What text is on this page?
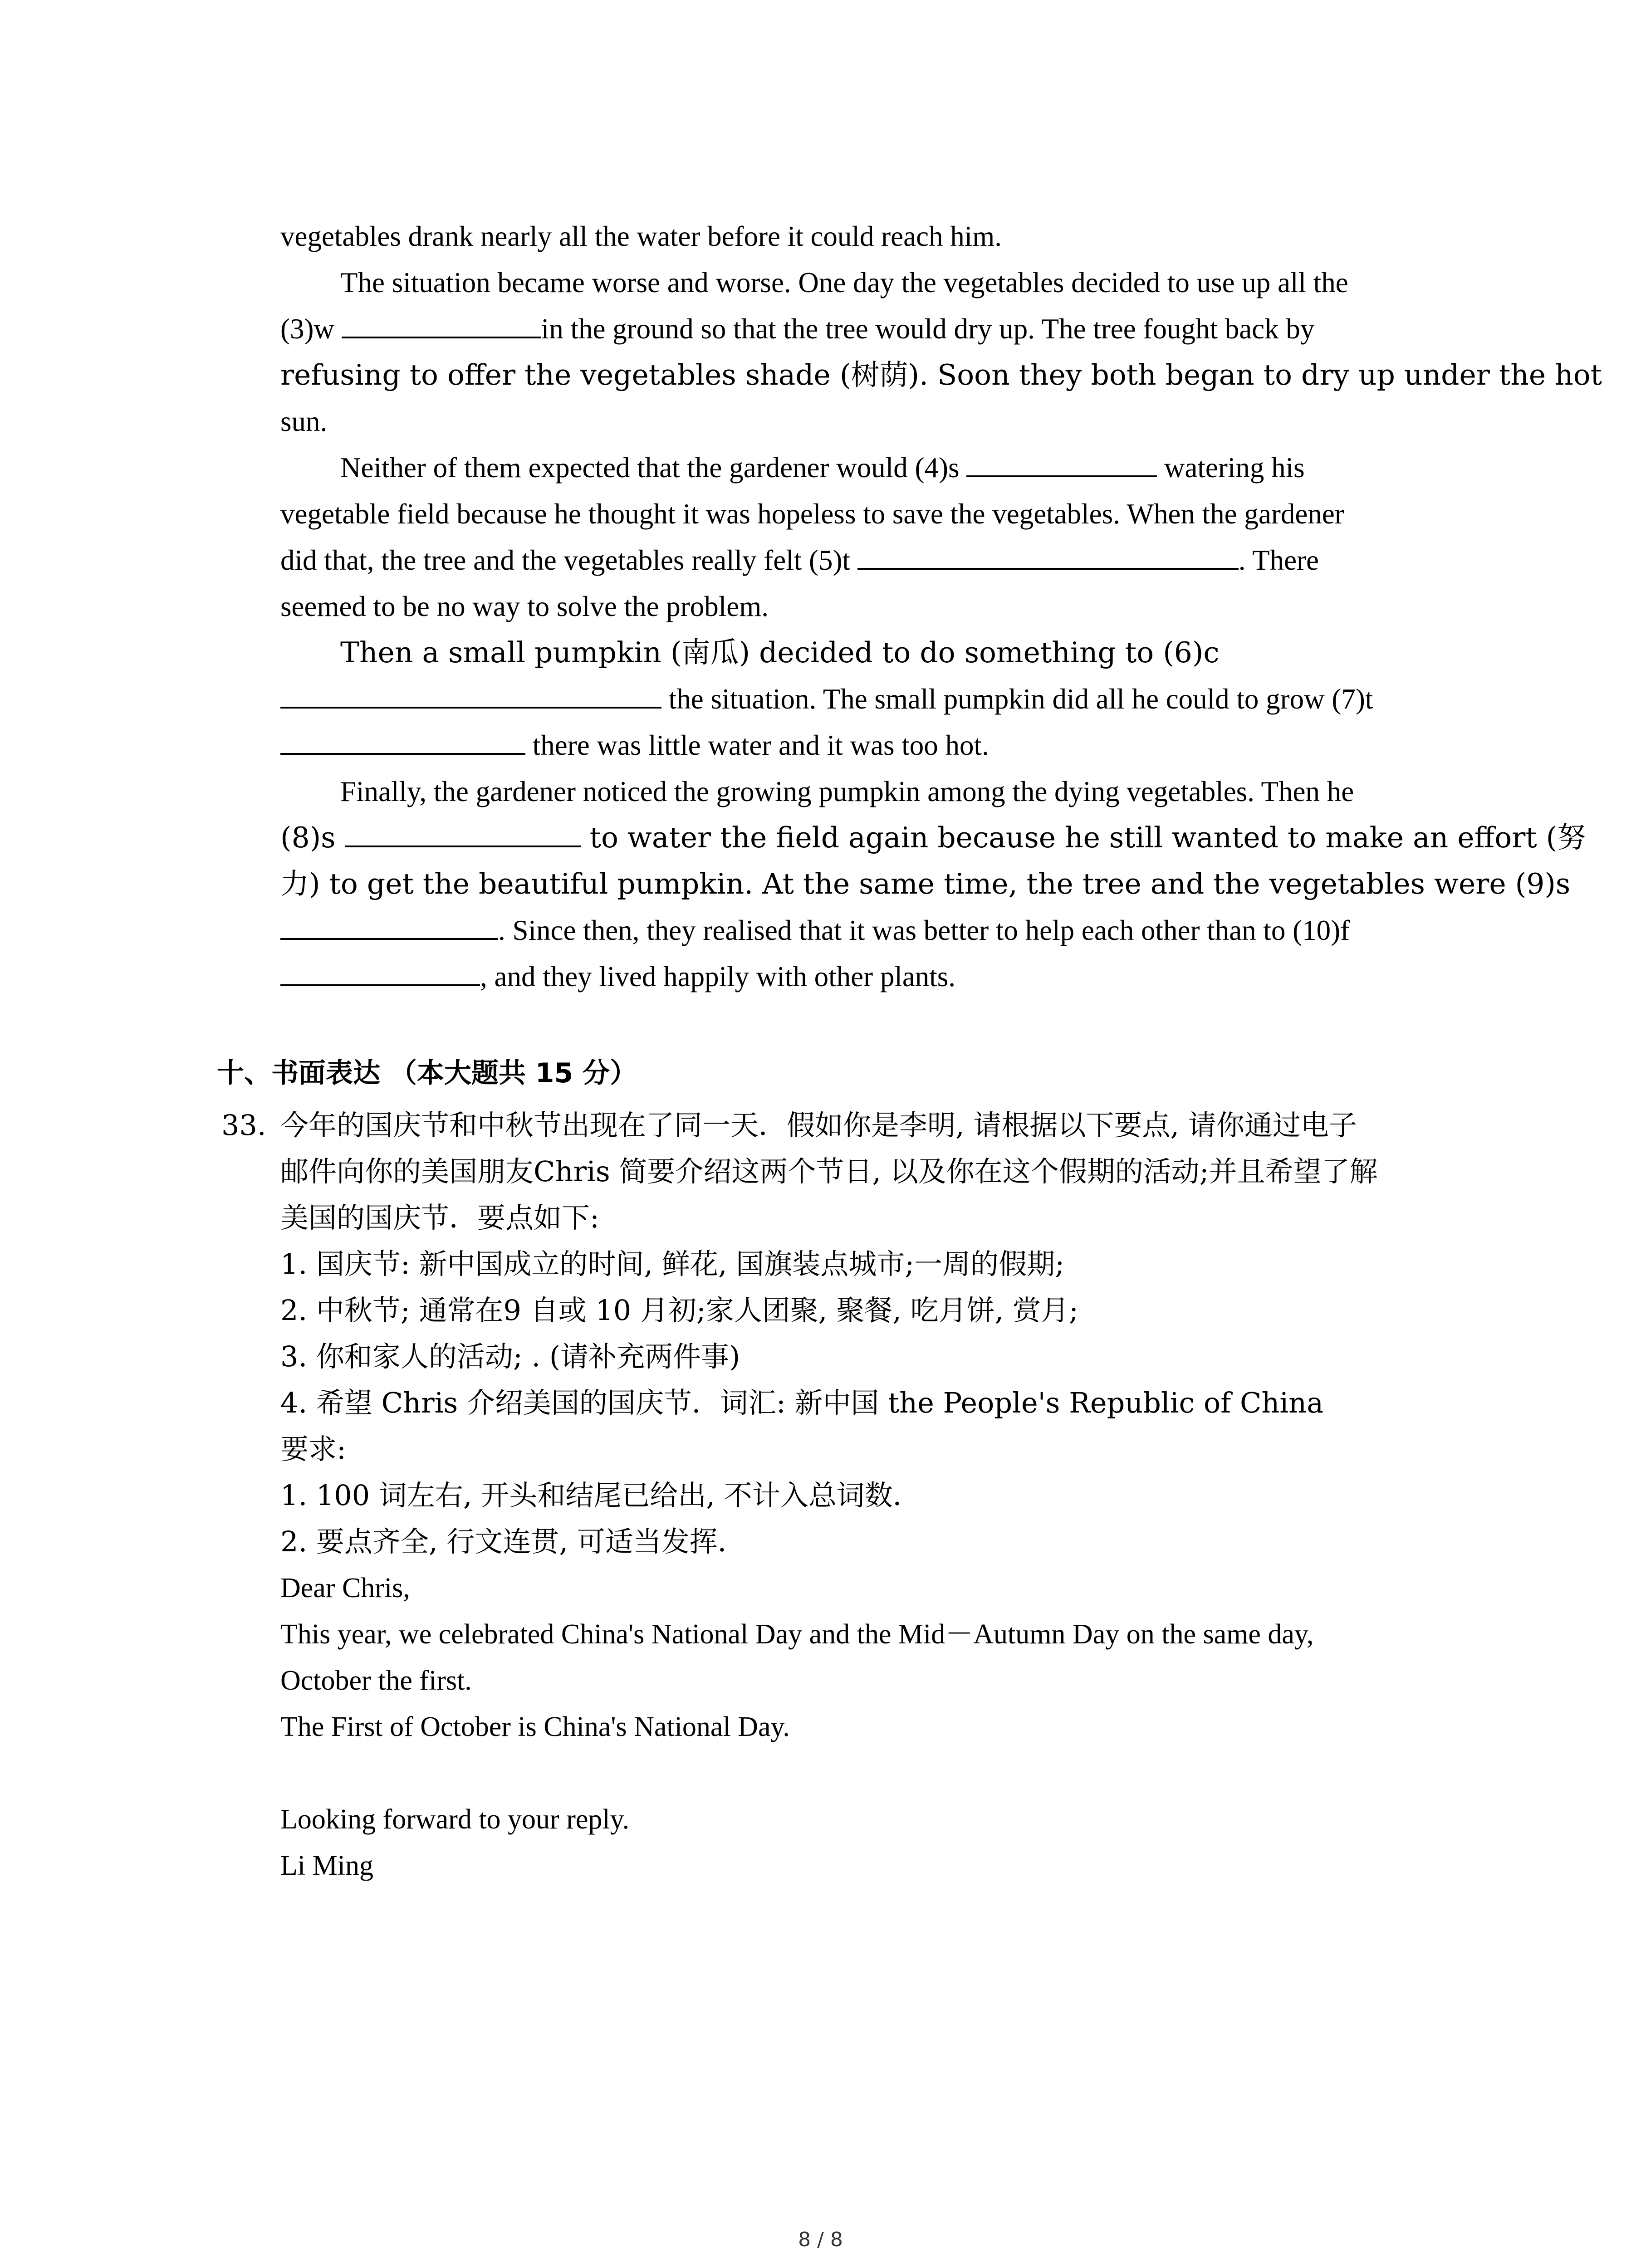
vegetables drank nearly all the water before it could reach him.

The situation became worse and worse. One day the vegetables decided to use up all the

(3)w	in the ground so that the tree would dry up. The tree fought back by

refusing to offer the vegetables shade (树荫). Soon they both began to dry up under the hot

sun.

Neither of them expected that the gardener would (4)s	watering his

vegetable field because he thought it was hopeless to save the vegetables. When the gardener

did that, the tree and the vegetables really felt (5)t	. There

seemed to be no way to solve the problem.

Then a small pumpkin (南瓜) decided to do something to (6)c

the situation. The small pumpkin did all he could to grow (7)t

there was little water and it was too hot.

Finally, the gardener noticed the growing pumpkin among the dying vegetables. Then he

(8)s	to water the field again because he still wanted to make an effort (努

力) to get the beautiful pumpkin. At the same time, the tree and the vegetables were (9)s

. Since then, they realised that it was better to help each other than to (10)f

, and they lived happily with other plants.

十、书面表达 （本大题共 15 分）

33. 今年的国庆节和中秋节出现在了同一天．假如你是李明, 请根据以下要点, 请你通过电子

邮件向你的美国朋友Chris 简要介绍这两个节日, 以及你在这个假期的活动;并且希望了解

美国的国庆节．要点如下:

1. 国庆节: 新中国成立的时间, 鲜花, 国旗装点城市;一周的假期;

2. 中秋节; 通常在9 自或 10 月初;家人团聚, 聚餐, 吃月饼, 赏月;

3. 你和家人的活动; . (请补充两件事)

4. 希望 Chris 介绍美国的国庆节．词汇: 新中国 the People's Republic of China

要求:

1. 100 词左右, 开头和结尾已给出, 不计入总词数．

2. 要点齐全, 行文连贯, 可适当发挥．

Dear Chris,

This year, we celebrated China's National Day and the Mid－Autumn Day on the same day,

October the first.

The First of October is China's National Day.

Looking forward to your reply.

Li Ming

8 / 8
